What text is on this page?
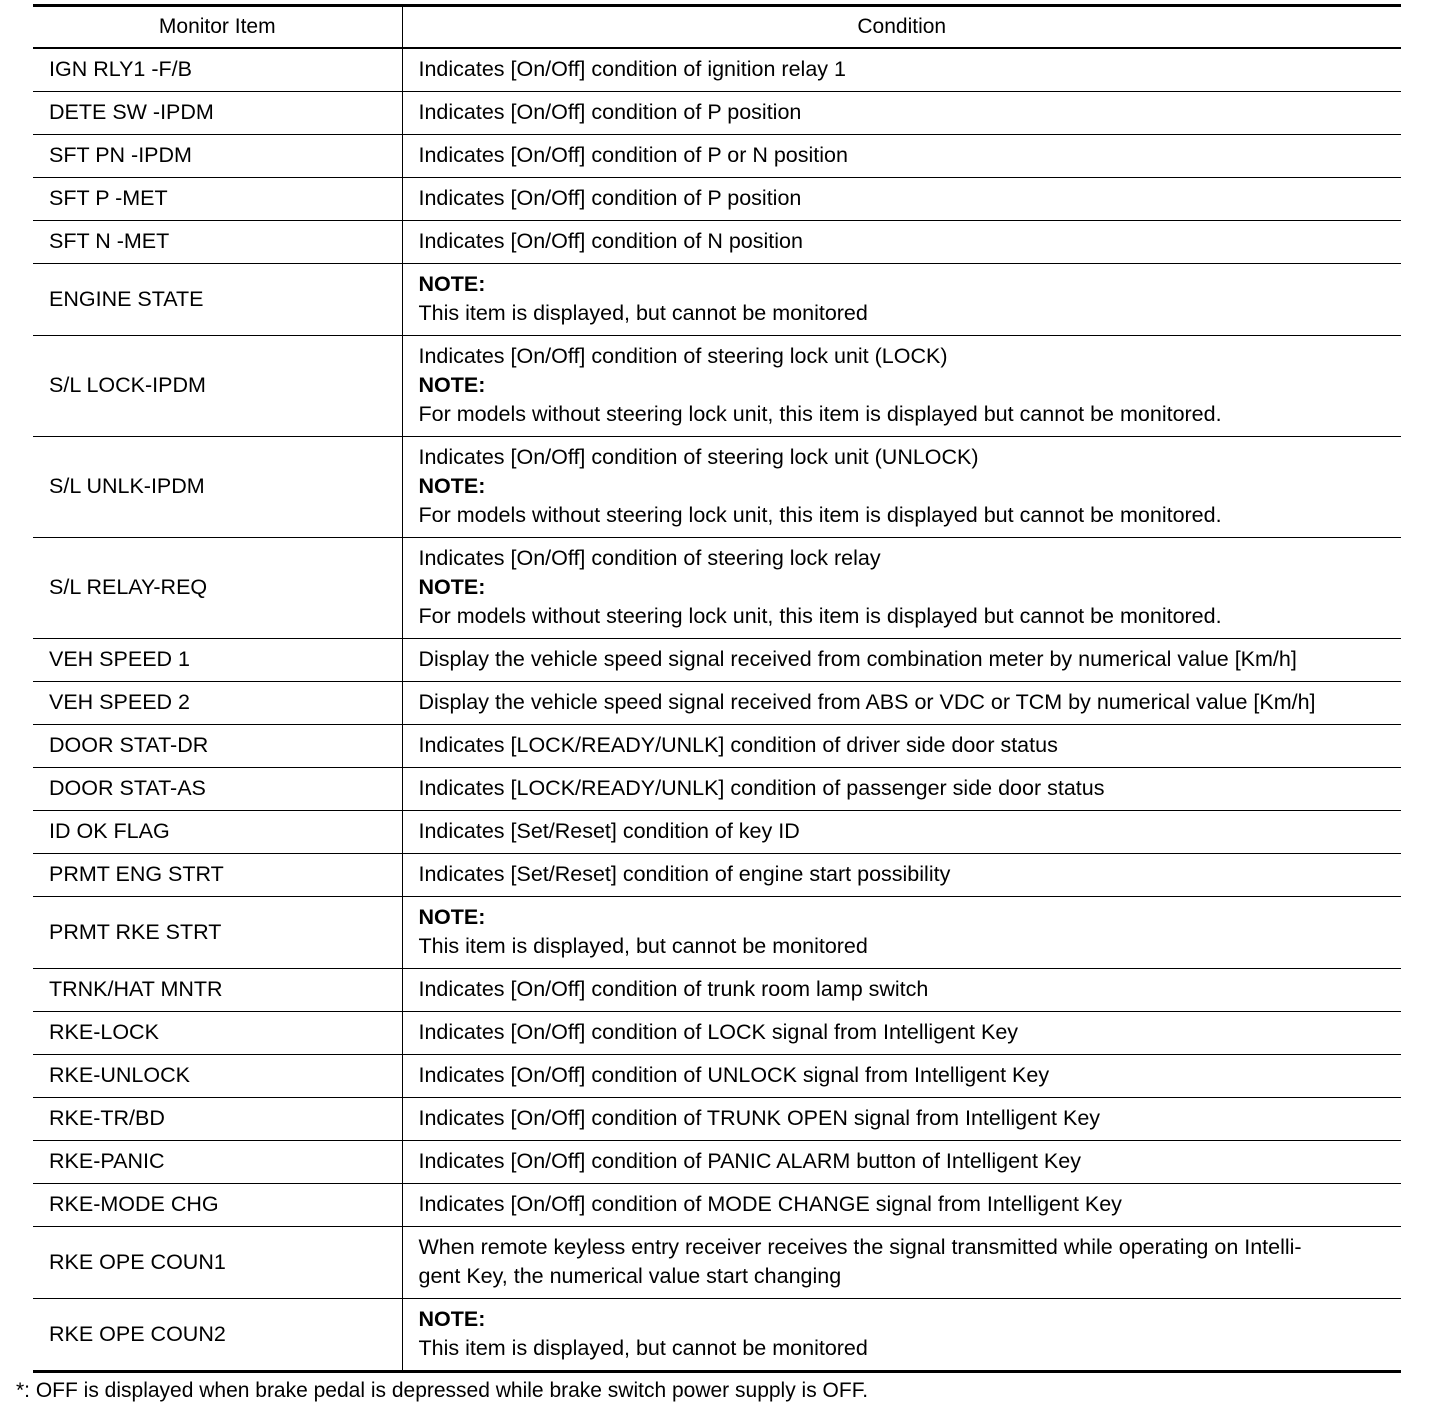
Monitor Item	Condition
IGN RLY1 -F/B	Indicates [On/Off] condition of ignition relay 1

DETE SW -IPDM	Indicates [On/Off] condition of P position

SFT PN -IPDM	Indicates [On/Off] condition of P or N position

SFT P -MET	Indicates [On/Off] condition of P position

SFT N -MET	Indicates [On/Off] condition of N position

ENGINE STATE	NOTE:
This item is displayed, but cannot be monitored

S/L LOCK-IPDM	Indicates [On/Off] condition of steering lock unit (LOCK)
NOTE:
For models without steering lock unit, this item is displayed but cannot be monitored.

S/L UNLK-IPDM	Indicates [On/Off] condition of steering lock unit (UNLOCK)
NOTE:
For models without steering lock unit, this item is displayed but cannot be monitored.

S/L RELAY-REQ	Indicates [On/Off] condition of steering lock relay
NOTE:
For models without steering lock unit, this item is displayed but cannot be monitored.

VEH SPEED 1	Display the vehicle speed signal received from combination meter by numerical value [Km/h]

VEH SPEED 2	Display the vehicle speed signal received from ABS or VDC or TCM by numerical value [Km/h]

DOOR STAT-DR	Indicates [LOCK/READY/UNLK] condition of driver side door status

DOOR STAT-AS	Indicates [LOCK/READY/UNLK] condition of passenger side door status

ID OK FLAG	Indicates [Set/Reset] condition of key ID

PRMT ENG STRT	Indicates [Set/Reset] condition of engine start possibility

PRMT RKE STRT	NOTE:
This item is displayed, but cannot be monitored

TRNK/HAT MNTR	Indicates [On/Off] condition of trunk room lamp switch

RKE-LOCK	Indicates [On/Off] condition of LOCK signal from Intelligent Key

RKE-UNLOCK	Indicates [On/Off] condition of UNLOCK signal from Intelligent Key

RKE-TR/BD	Indicates [On/Off] condition of TRUNK OPEN signal from Intelligent Key

RKE-PANIC	Indicates [On/Off] condition of PANIC ALARM button of Intelligent Key

RKE-MODE CHG	Indicates [On/Off] condition of MODE CHANGE signal from Intelligent Key

RKE OPE COUN1	When remote keyless entry receiver receives the signal transmitted while operating on Intelli-
gent Key, the numerical value start changing

RKE OPE COUN2	NOTE:
This item is displayed, but cannot be monitored
*: OFF is displayed when brake pedal is depressed while brake switch power supply is OFF.
